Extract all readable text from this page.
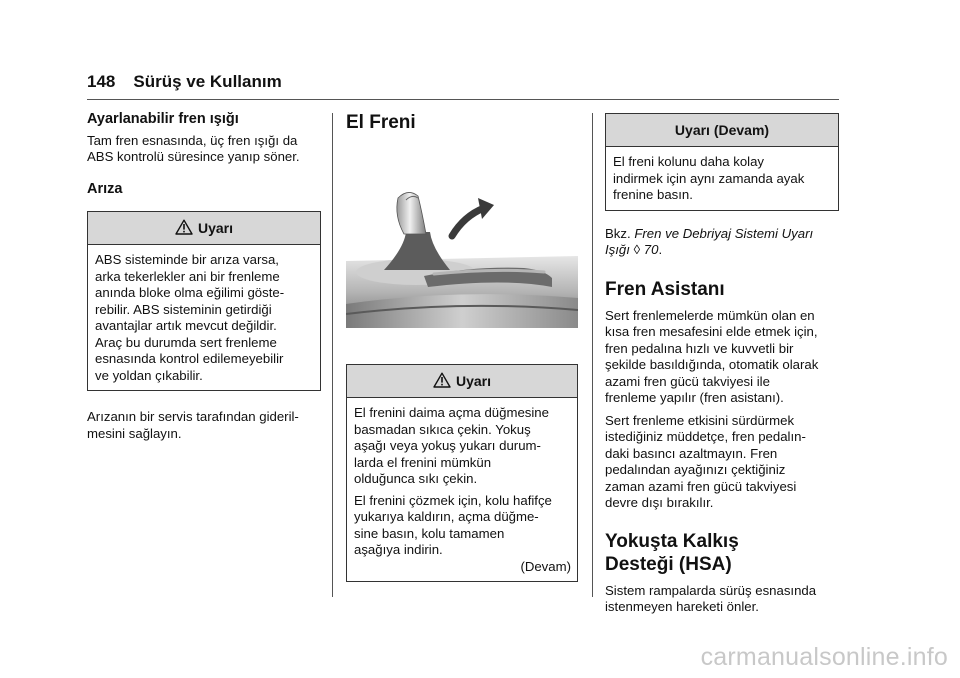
148 Sürüş ve Kullanım
Ayarlanabilir fren ışığı

Tam fren esnasında, üç fren ışığı da
ABS kontrolü süresince yanıp söner.

Arıza
Uyarı

ABS sisteminde bir arıza varsa,
arka tekerlekler ani bir frenleme
anında bloke olma eğilimi göste-
rebilir. ABS sisteminin getirdiği
avantajlar artık mevcut değildir.
Araç bu durumda sert frenleme
esnasında kontrol edilemeyebilir
ve yoldan çıkabilir.

Arızanın bir servis tarafından gideril-
mesini sağlayın.

El Freni
Uyarı

El frenini daima açma düğmesine
basmadan sıkıca çekin. Yokuş
aşağı veya yokuş yukarı durum-
larda el frenini mümkün
olduğunca sıkı çekin.

El frenini çözmek için, kolu hafifçe
yukarıya kaldırın, açma düğme-
sine basın, kolu tamamen
aşağıya indirin.

(Devam)

Uyarı (Devam)

El freni kolunu daha kolay
indirmek için aynı zamanda ayak
frenine basın.

Bkz. Fren ve Debriyaj Sistemi Uyarı
Işığı ◊ 70.

Fren Asistanı

Sert frenlemelerde mümkün olan en
kısa fren mesafesini elde etmek için,
fren pedalına hızlı ve kuvvetli bir
şekilde basıldığında, otomatik olarak
azami fren gücü takviyesi ile
frenleme yapılır (fren asistanı).

Sert frenleme etkisini sürdürmek
istediğiniz müddetçe, fren pedalın-
daki basıncı azaltmayın. Fren
pedalından ayağınızı çektiğiniz
zaman azami fren gücü takviyesi
devre dışı bırakılır.

Yokuşta Kalkış
Desteği (HSA)

Sistem rampalarda sürüş esnasında
istenmeyen hareketi önler.

carmanualsonline.info
